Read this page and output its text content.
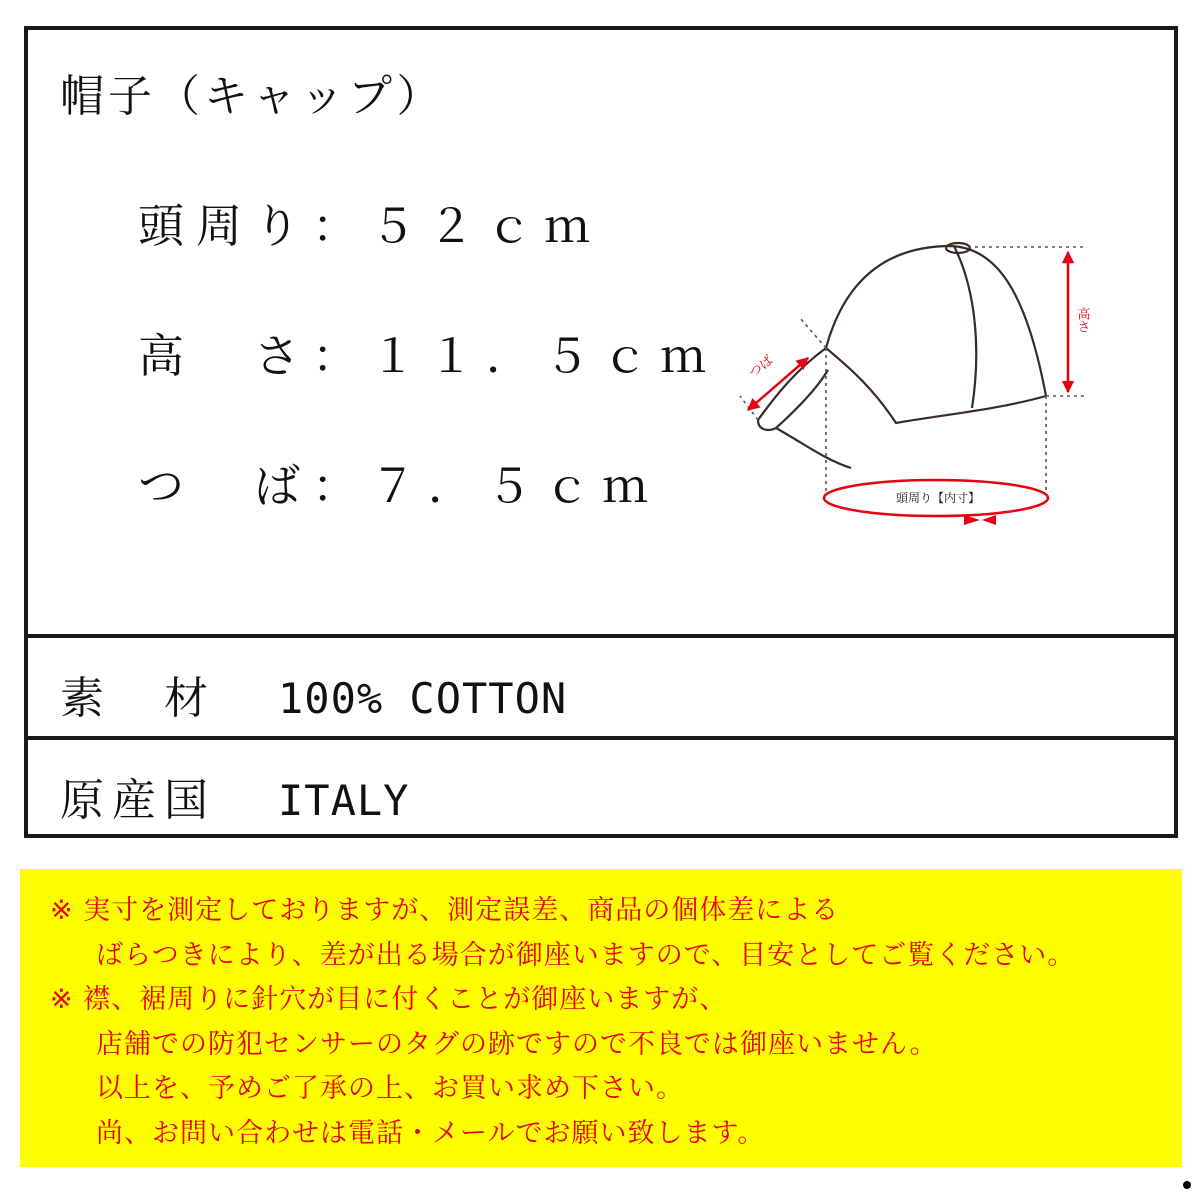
帽子（キャップ）
頭周り：５２ｃｍ
高　さ：１１．５ｃｍ
つ　ば：７．５ｃｍ
高さ
つば
頭周り【内寸】
素　材 100% COTTON
原産国 ITALY
※ 実寸を測定しておりますが、測定誤差、商品の個体差による
ばらつきにより、差が出る場合が御座いますので、目安としてご覧ください。
※ 襟、裾周りに針穴が目に付くことが御座いますが、
店舗での防犯センサーのタグの跡ですので不良では御座いません。
以上を、予めご了承の上、お買い求め下さい。
尚、お問い合わせは電話・メールでお願い致します。
